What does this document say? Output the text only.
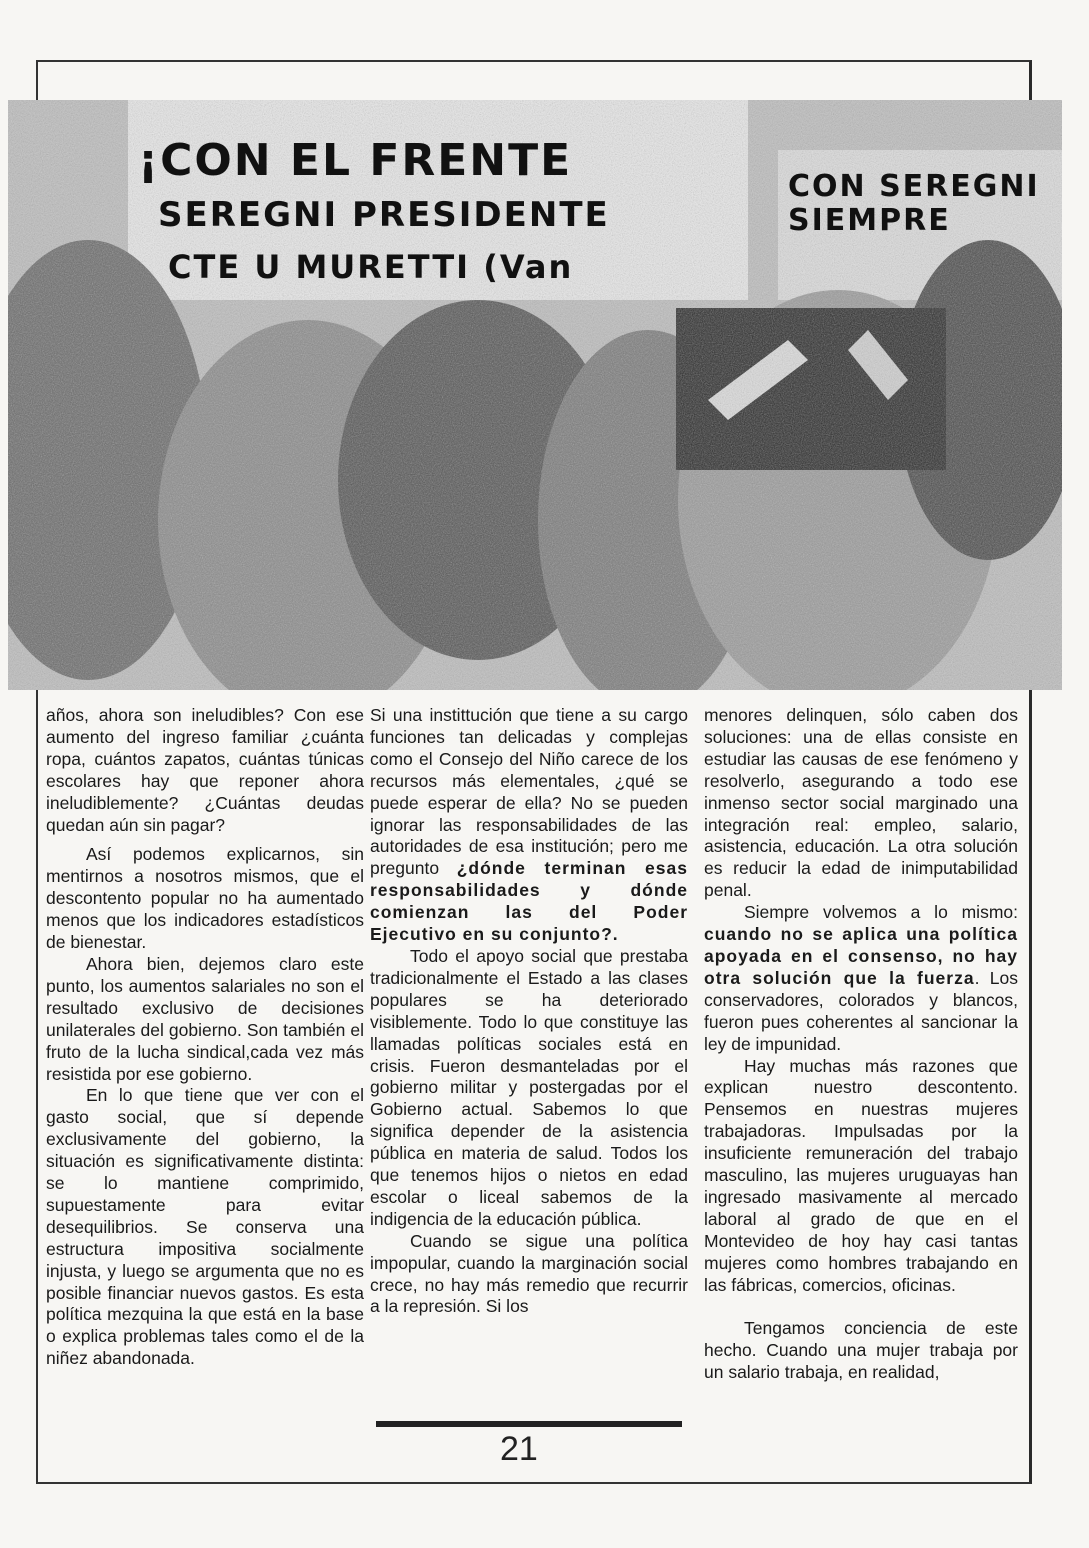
¡CON EL FRENTE
SEREGNI PRESIDENTE
CTE U MURETTI (Van
CON SEREGNI SIEMPRE

años, ahora son ineludibles? Con ese aumento del ingreso familiar ¿cuánta ropa, cuántos zapatos, cuántas túnicas escolares hay que reponer ahora ineludiblemente? ¿Cuántas deudas quedan aún sin pagar?

Así podemos explicarnos, sin mentirnos a nosotros mismos, que el descontento popular no ha aumentado menos que los indicadores estadísticos de bienestar.

Ahora bien, dejemos claro este punto, los aumentos salariales no son el resultado exclusivo de decisiones unilaterales del gobierno. Son también el fruto de la lucha sindical,cada vez más resistida por ese gobierno.

En lo que tiene que ver con el gasto social, que sí depende exclusivamente del gobierno, la situación es significativamente distinta: se lo mantiene comprimido, supuestamente para evitar desequilibrios. Se conserva una estructura impositiva socialmente injusta, y luego se argumenta que no es posible financiar nuevos gastos. Es esta política mezquina la que está en la base o explica problemas tales como el de la niñez abandonada.

Si una instittución que tiene a su cargo funciones tan delicadas y complejas como el Consejo del Niño carece de los recursos más elementales, ¿qué se puede esperar de ella? No se pueden ignorar las responsabilidades de las autoridades de esa institución; pero me pregunto ¿dónde terminan esas responsabilidades y dónde comienzan las del Poder Ejecutivo en su conjunto?.

Todo el apoyo social que prestaba tradicionalmente el Estado a las clases populares se ha deteriorado visiblemente. Todo lo que constituye las llamadas políticas sociales está en crisis. Fueron desmanteladas por el gobierno militar y postergadas por el Gobierno actual. Sabemos lo que significa depender de la asistencia pública en materia de salud. Todos los que tenemos hijos o nietos en edad escolar o liceal sabemos de la indigencia de la educación pública.

Cuando se sigue una política impopular, cuando la marginación social crece, no hay más remedio que recurrir a la represión. Si los

menores delinquen, sólo caben dos soluciones: una de ellas consiste en estudiar las causas de ese fenómeno y resolverlo, asegurando a todo ese inmenso sector social marginado una integración real: empleo, salario, asistencia, educación. La otra solución es reducir la edad de inimputabilidad penal.

Siempre volvemos a lo mismo: cuando no se aplica una política apoyada en el consenso, no hay otra solución que la fuerza. Los conservadores, colorados y blancos, fueron pues coherentes al sancionar la ley de impunidad.

Hay muchas más razones que explican nuestro descontento. Pensemos en nuestras mujeres trabajadoras. Impulsadas por la insuficiente remuneración del trabajo masculino, las mujeres uruguayas han ingresado masivamente al mercado laboral al grado de que en el Montevideo de hoy hay casi tantas mujeres como hombres trabajando en las fábricas, comercios, oficinas.

Tengamos conciencia de este hecho. Cuando una mujer trabaja por un salario trabaja, en realidad,

21
